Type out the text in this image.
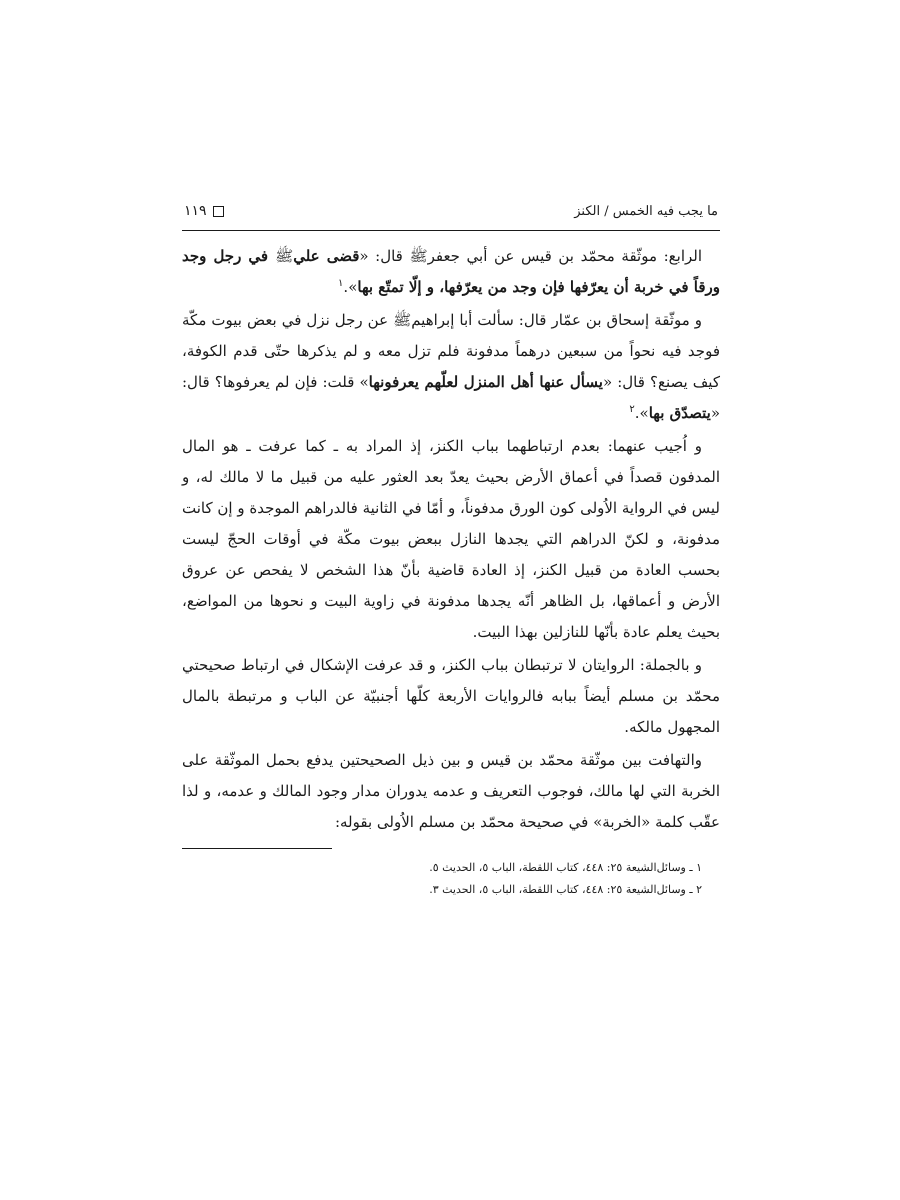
ما يجب فيه الخمس / الكنز
١١٩

الرابع: موثّقة محمّد بن قيس عن أبي جعفرﷺ قال: «قضى عليﷺ في رجل وجد ورقاً في خربة أن يعرّفها فإن وجد من يعرّفها، و إلّا تمتّع بها».$^١$

و موثّقة إسحاق بن عمّار قال: سألت أبا إبراهيمﷺ عن رجل نزل في بعض بيوت مكّة فوجد فيه نحواً من سبعين درهماً مدفونة فلم تزل معه و لم يذكرها حتّى قدم الكوفة، كيف يصنع؟ قال: «يسأل عنها أهل المنزل لعلّهم يعرفونها» قلت: فإن لم يعرفوها؟ قال: «يتصدّق بها».$^٢$

و اُجيب عنهما: بعدم ارتباطهما بباب الكنز، إذ المراد به ـ كما عرفت ـ هو المال المدفون قصداً في أعماق الأرض بحيث يعدّ بعد العثور عليه من قبيل ما لا مالك له، و ليس في الرواية الاُولى كون الورق مدفوناً، و أمّا في الثانية فالدراهم الموجدة و إن كانت مدفونة، و لكنّ الدراهم التي يجدها النازل ببعض بيوت مكّة في أوقات الحجّ ليست بحسب العادة من قبيل الكنز، إذ العادة قاضية بأنّ هذا الشخص لا يفحص عن عروق الأرض و أعماقها، بل الظاهر أنّه يجدها مدفونة في زاوية البيت و نحوها من المواضع، بحيث يعلم عادة بأنّها للنازلين بهذا البيت.

و بالجملة: الروايتان لا ترتبطان بباب الكنز، و قد عرفت الإشكال في ارتباط صحيحتي محمّد بن مسلم أيضاً ببابه فالروايات الأربعة كلّها أجنبيّة عن الباب و مرتبطة بالمال المجهول مالكه.

والتهافت بين موثّقة محمّد بن قيس و بين ذيل الصحيحتين يدفع بحمل الموثّقة على الخربة التي لها مالك، فوجوب التعريف و عدمه يدوران مدار وجود المالك و عدمه، و لذا عقّب كلمة «الخربة» في صحيحة محمّد بن مسلم الاُولى بقوله:

١ ـ وسائل‌الشيعة ٢٥: ٤٤٨، كتاب اللقطة، الباب ٥، الحديث ٥.
٢ ـ وسائل‌الشيعة ٢٥: ٤٤٨، كتاب اللقطة، الباب ٥، الحديث ٣.
